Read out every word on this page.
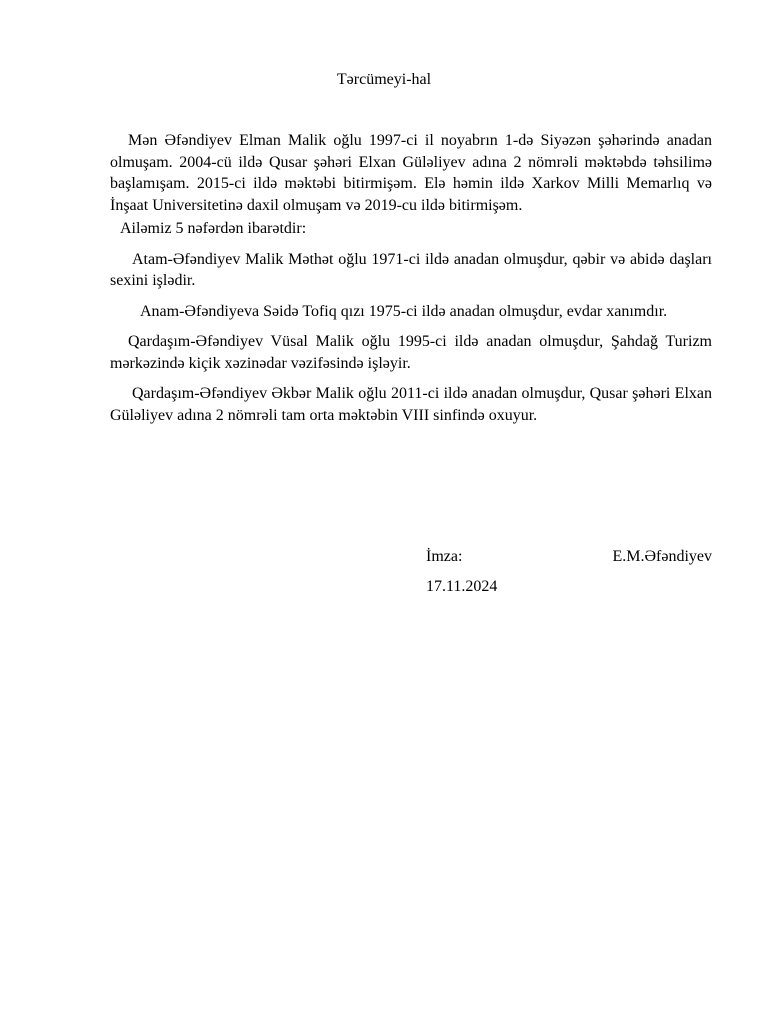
Tərcümeyi-hal

Mən Əfəndiyev Elman Malik oğlu 1997-ci il noyabrın 1-də Siyəzən şəhərində anadan olmuşam. 2004-cü ildə Qusar şəhəri Elxan Güləliyev adına 2 nömrəli məktəbdə təhsilimə başlamışam. 2015-ci ildə məktəbi bitirmişəm. Elə həmin ildə Xarkov Milli Memarlıq və İnşaat Universitetinə daxil olmuşam və 2019-cu ildə bitirmişəm.

Ailəmiz 5 nəfərdən ibarətdir:

Atam-Əfəndiyev Malik Məthət oğlu 1971-ci ildə anadan olmuşdur, qəbir və abidə daşları sexini işlədir.

Anam-Əfəndiyeva Səidə Tofiq qızı 1975-ci ildə anadan olmuşdur, evdar xanımdır.

Qardaşım-Əfəndiyev Vüsal Malik oğlu 1995-ci ildə anadan olmuşdur, Şahdağ Turizm mərkəzində kiçik xəzinədar vəzifəsində işləyir.

Qardaşım-Əfəndiyev Əkbər Malik oğlu 2011-ci ildə anadan olmuşdur, Qusar şəhəri Elxan Güləliyev adına 2 nömrəli tam orta məktəbin VIII sinfində oxuyur.

İmza:	E.M.Əfəndiyev
17.11.2024
